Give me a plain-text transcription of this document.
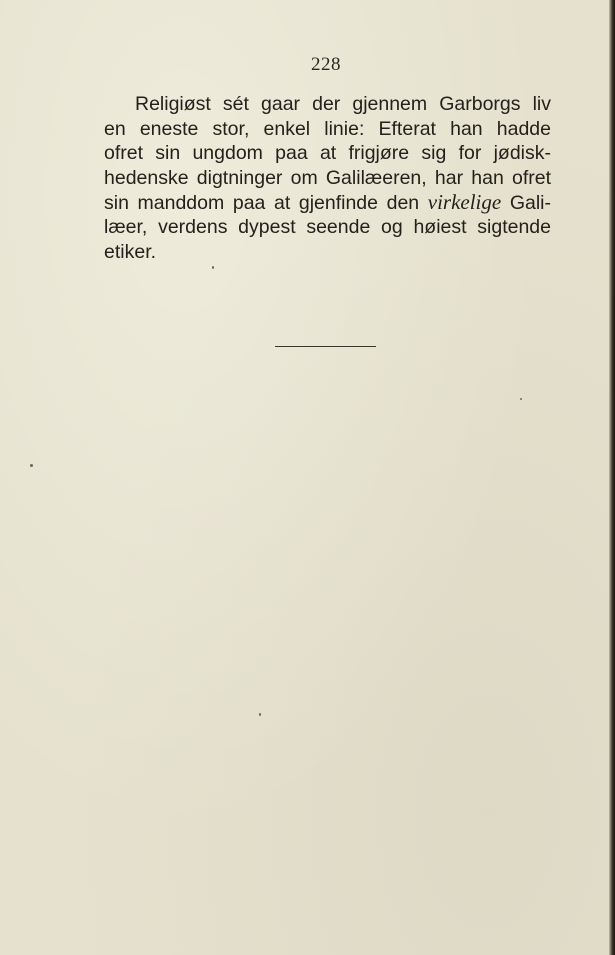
228
Religiøst sét gaar der gjennem Garborgs liv
en eneste stor, enkel linie: Efterat han hadde
ofret sin ungdom paa at frigjøre sig for jødisk-
hedenske digtninger om Galilæeren, har han ofret
sin manddom paa at gjenfinde den virkelige Gali-
læer, verdens dypest seende og høiest sigtende
etiker.
